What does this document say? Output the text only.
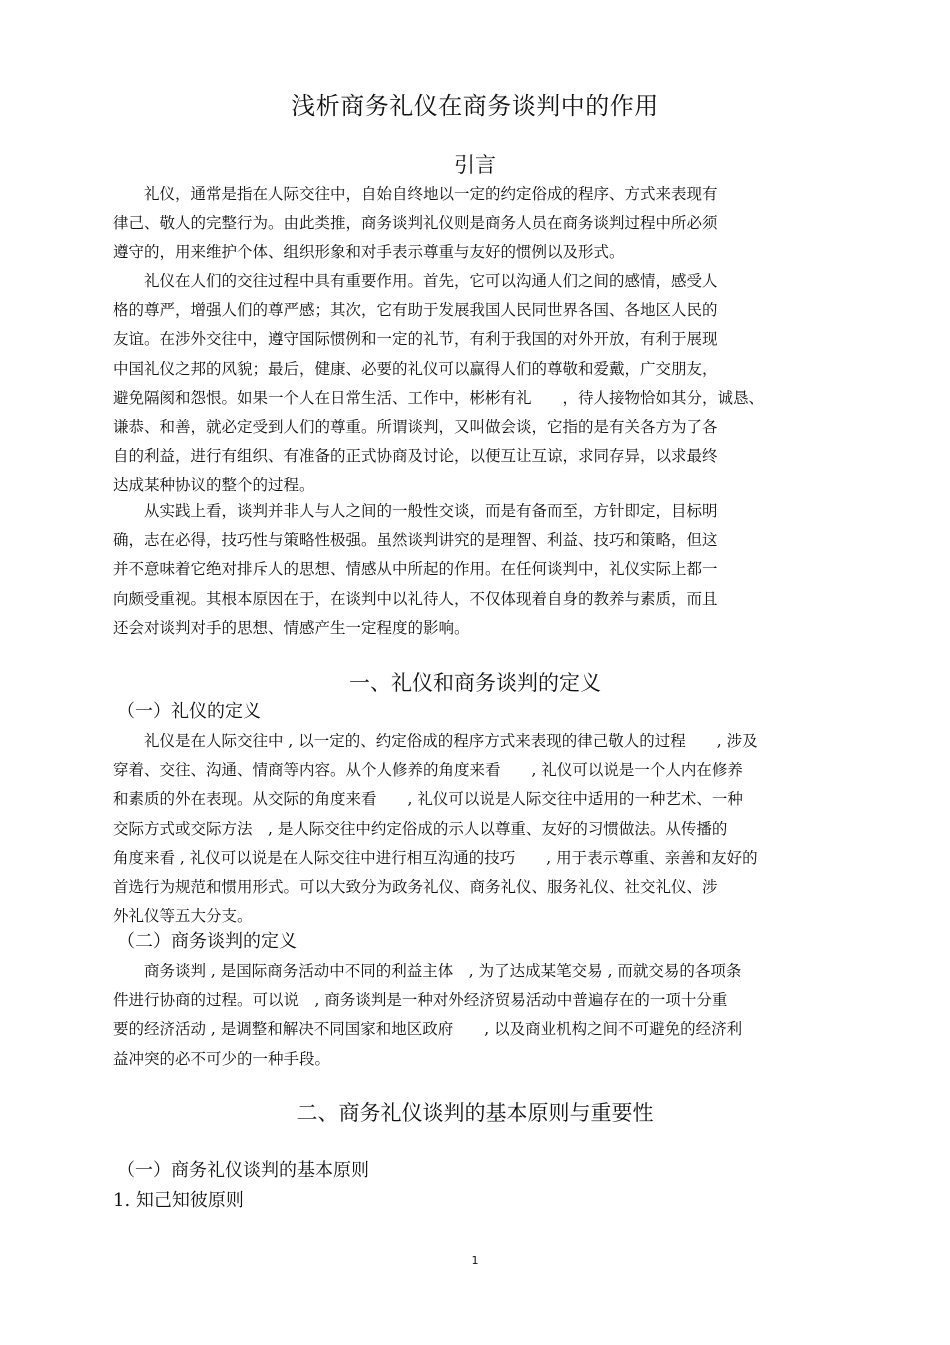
浅析商务礼仪在商务谈判中的作用
引言
　　礼仪，通常是指在人际交往中，自始自终地以一定的约定俗成的程序、方式来表现有
律己、敬人的完整行为。由此类推，商务谈判礼仪则是商务人员在商务谈判过程中所必须
遵守的，用来维护个体、组织形象和对手表示尊重与友好的惯例以及形式。
　　礼仪在人们的交往过程中具有重要作用。首先，它可以沟通人们之间的感情，感受人
格的尊严，增强人们的尊严感；其次，它有助于发展我国人民同世界各国、各地区人民的
友谊。在涉外交往中，遵守国际惯例和一定的礼节，有利于我国的对外开放，有利于展现
中国礼仪之邦的风貌；最后，健康、必要的礼仪可以赢得人们的尊敬和爱戴，广交朋友，
避免隔阂和怨恨。如果一个人在日常生活、工作中，彬彬有礼　　，待人接物恰如其分，诚恳、
谦恭、和善，就必定受到人们的尊重。所谓谈判，又叫做会谈，它指的是有关各方为了各
自的利益，进行有组织、有准备的正式协商及讨论，以便互让互谅，求同存异，以求最终
达成某种协议的整个的过程。
　　从实践上看，谈判并非人与人之间的一般性交谈，而是有备而至，方针即定，目标明
确，志在必得，技巧性与策略性极强。虽然谈判讲究的是理智、利益、技巧和策略，但这
并不意味着它绝对排斥人的思想、情感从中所起的作用。在任何谈判中，礼仪实际上都一
向颇受重视。其根本原因在于，在谈判中以礼待人，不仅体现着自身的教养与素质，而且
还会对谈判对手的思想、情感产生一定程度的影响。
一、礼仪和商务谈判的定义
（一）礼仪的定义
　　礼仪是在人际交往中 , 以一定的、约定俗成的程序方式来表现的律己敬人的过程　　, 涉及
穿着、交往、沟通、情商等内容。从个人修养的角度来看　　, 礼仪可以说是一个人内在修养
和素质的外在表现。从交际的角度来看　　, 礼仪可以说是人际交往中适用的一种艺术、一种
交际方式或交际方法　, 是人际交往中约定俗成的示人以尊重、友好的习惯做法。从传播的
角度来看 , 礼仪可以说是在人际交往中进行相互沟通的技巧　　, 用于表示尊重、亲善和友好的
首选行为规范和惯用形式。可以大致分为政务礼仪、商务礼仪、服务礼仪、社交礼仪、涉
外礼仪等五大分支。
（二）商务谈判的定义
　　商务谈判 , 是国际商务活动中不同的利益主体　, 为了达成某笔交易 , 而就交易的各项条
件进行协商的过程。可以说　, 商务谈判是一种对外经济贸易活动中普遍存在的一项十分重
要的经济活动 , 是调整和解决不同国家和地区政府　　, 以及商业机构之间不可避免的经济利
益冲突的必不可少的一种手段。
二、商务礼仪谈判的基本原则与重要性
（一）商务礼仪谈判的基本原则
1. 知己知彼原则
1
